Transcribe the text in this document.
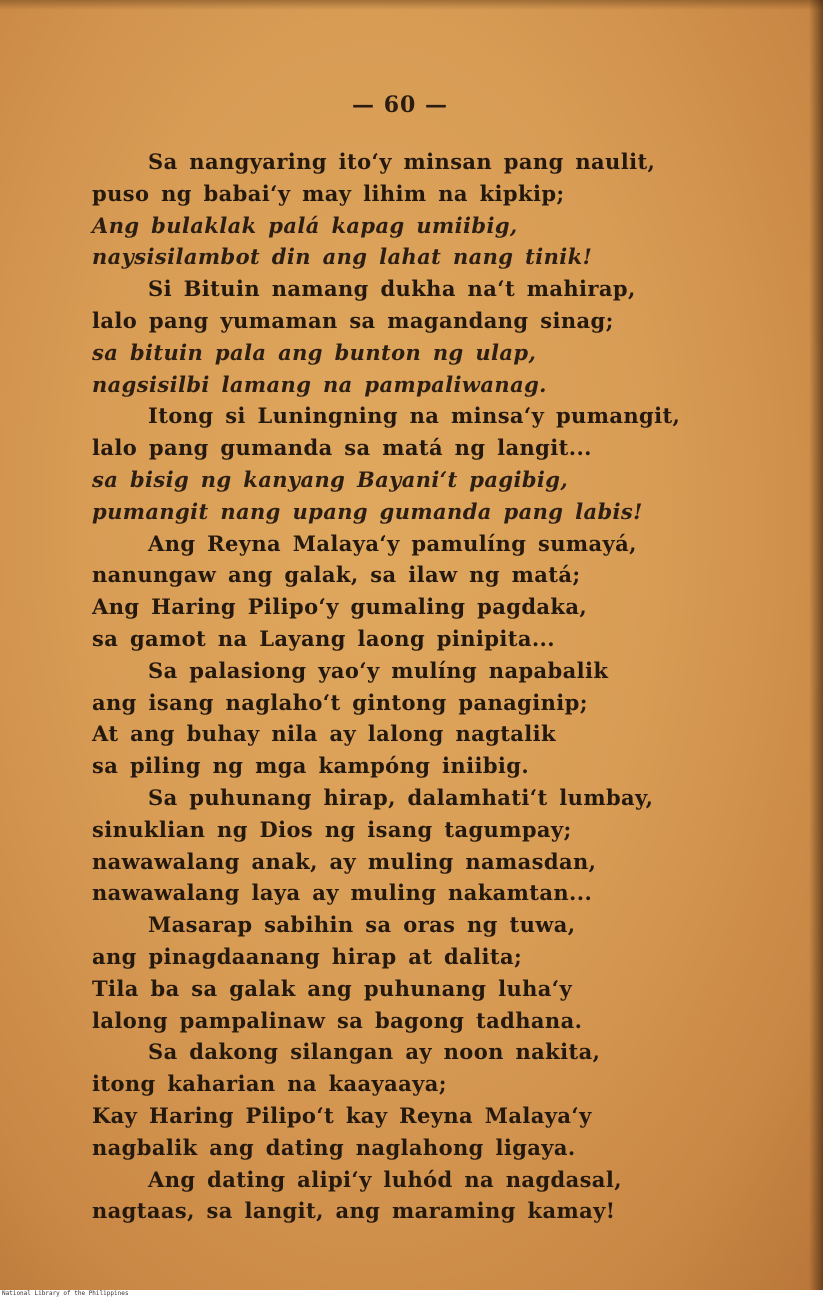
— 60 —
Sa nangyaring ito‘y minsan pang naulit,
puso ng babai‘y may lihim na kipkip;
Ang bulaklak palá kapag umiibig,
naysisilambot din ang lahat nang tinik!
Si Bituin namang dukha na‘t mahirap,
lalo pang yumaman sa magandang sinag;
sa bituin pala ang bunton ng ulap,
nagsisilbi lamang na pampaliwanag.
Itong si Luningning na minsa‘y pumangit,
lalo pang gumanda sa matá ng langit...
sa bisig ng kanyang Bayani‘t pagibig,
pumangit nang upang gumanda pang labis!
Ang Reyna Malaya‘y pamulíng sumayá,
nanungaw ang galak, sa ilaw ng matá;
Ang Haring Pilipo‘y gumaling pagdaka,
sa gamot na Layang laong pinipita...
Sa palasiong yao‘y mulíng napabalik
ang isang naglaho‘t gintong panaginip;
At ang buhay nila ay lalong nagtalik
sa piling ng mga kampóng iniibig.
Sa puhunang hirap, dalamhati‘t lumbay,
sinuklian ng Dios ng isang tagumpay;
nawawalang anak, ay muling namasdan,
nawawalang laya ay muling nakamtan...
Masarap sabihin sa oras ng tuwa,
ang pinagdaanang hirap at dalita;
Tila ba sa galak ang puhunang luha‘y
lalong pampalinaw sa bagong tadhana.
Sa dakong silangan ay noon nakita,
itong kaharian na kaayaaya;
Kay Haring Pilipo‘t kay Reyna Malaya‘y
nagbalik ang dating naglahong ligaya.
Ang dating alipi‘y luhód na nagdasal,
nagtaas, sa langit, ang maraming kamay!
National Library of the Philippines
